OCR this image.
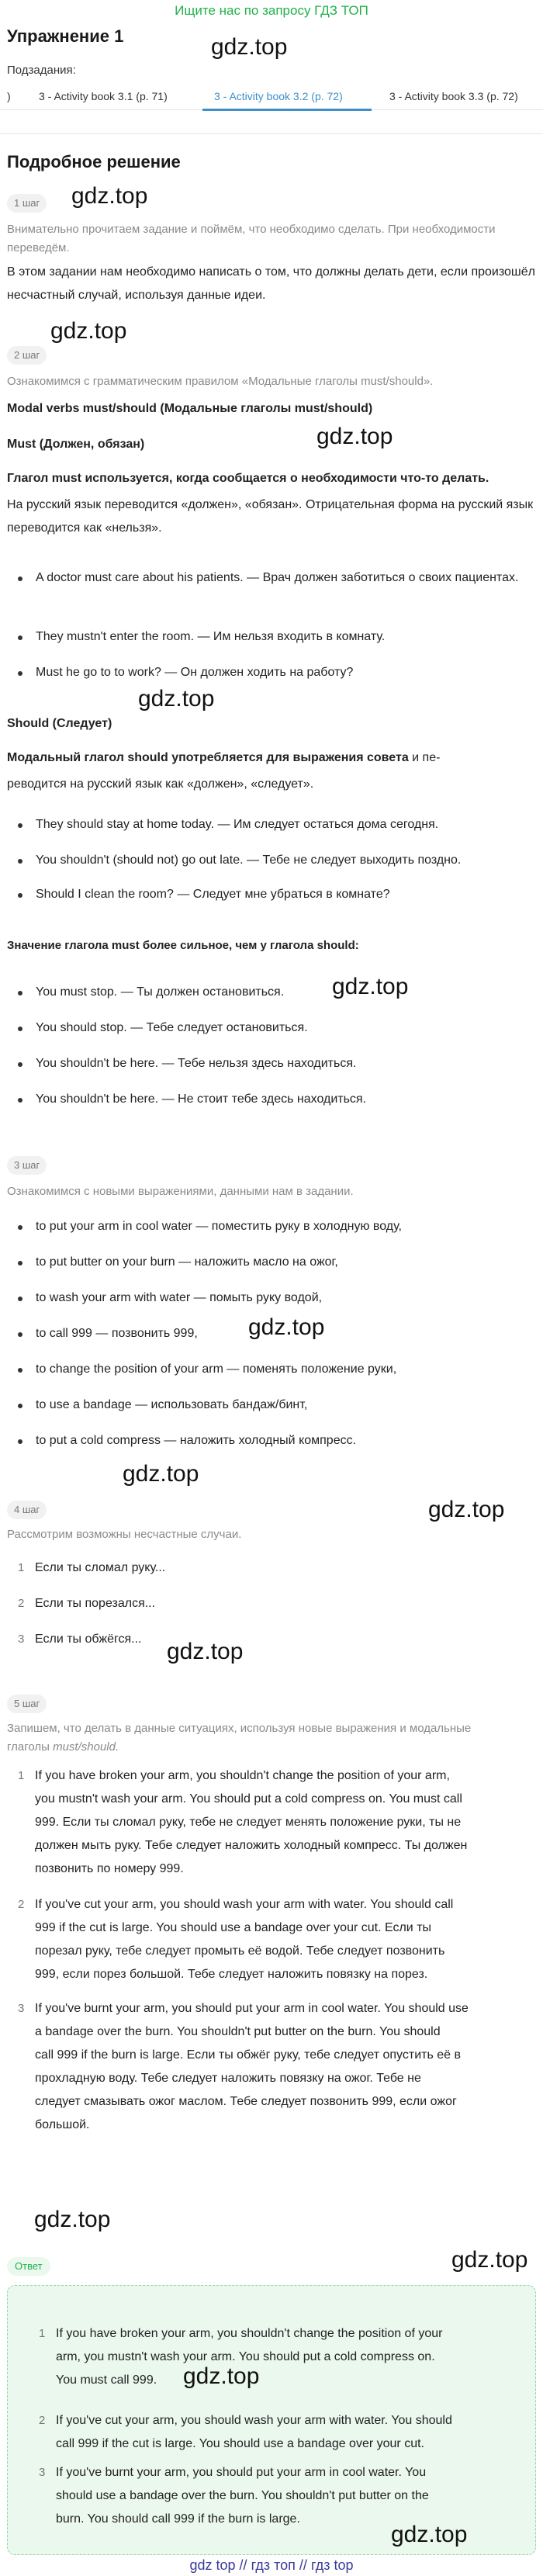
Ищите нас по запросу ГДЗ ТОП
Упражнение 1	gdz.top
Подзадания:
)	3 - Activity book 3.1 (p. 71)	3 - Activity book 3.2 (p. 72)	3 - Activity book 3.3 (p. 72)
Подробное решение
1 шаг	gdz.top
Внимательно прочитаем задание и поймём, что необходимо сделать. При необходимости переведём.
В этом задании нам необходимо написать о том, что должны делать дети, если произошёл несчастный случай, используя данные идеи.
gdz.top
2 шаг
Ознакомимся с грамматическим правилом «Модальные глаголы must/should».
Modal verbs must/should (Модальные глаголы must/should)
Must (Должен, обязан)	gdz.top
Глагол must используется, когда сообщается о необходимости что-то делать.
На русский язык переводится «должен», «обязан». Отрицательная форма на русский язык переводится как «нельзя».
A doctor must care about his patients. — Врач должен заботиться о своих пациентах.
They mustn't enter the room. — Им нельзя входить в комнату.
Must he go to to work? — Он должен ходить на работу?
gdz.top
Should (Следует)
Модальный глагол should употребляется для выражения совета и пе-
реводится на русский язык как «должен», «следует».
They should stay at home today. — Им следует остаться дома сегодня.
You shouldn't (should not) go out late. — Тебе не следует выходить поздно.
Should I clean the room? — Следует мне убраться в комнате?
Значение глагола must более сильное, чем у глагола should:
You must stop. — Ты должен остановиться.	gdz.top
You should stop. — Тебе следует остановиться.
You shouldn't be here. — Тебе нельзя здесь находиться.
You shouldn't be here. — Не стоит тебе здесь находиться.
3 шаг
Ознакомимся с новыми выражениями, данными нам в задании.
to put your arm in cool water — поместить руку в холодную воду,
to put butter on your burn — наложить масло на ожог,
to wash your arm with water — помыть руку водой,
to call 999 — позвонить 999,	gdz.top
to change the position of your arm — поменять положение руки,
to use a bandage — использовать бандаж/бинт,
to put a cold compress — наложить холодный компресс.
gdz.top
4 шаг	gdz.top
Рассмотрим возможны несчастные случаи.
1 Если ты сломал руку...
2 Если ты порезался...
3 Если ты обжёгся...	gdz.top
5 шаг
Запишем, что делать в данные ситуациях, используя новые выражения и модальные
глаголы must/should.
1 If you have broken your arm, you shouldn't change the position of your arm,
you mustn't wash your arm. You should put a cold compress on. You must call
999. Если ты сломал руку, тебе не следует менять положение руки, ты не
должен мыть руку. Тебе следует наложить холодный компресс. Ты должен
позвонить по номеру 999.
2 If you've cut your arm, you should wash your arm with water. You should call
999 if the cut is large. You should use a bandage over your cut. Если ты
порезал руку, тебе следует промыть её водой. Тебе следует позвонить
999, если порез большой. Тебе следует наложить повязку на порез.
3 If you've burnt your arm, you should put your arm in cool water. You should use
a bandage over the burn. You shouldn't put butter on the burn. You should
call 999 if the burn is large. Если ты обжёг руку, тебе следует опустить её в
прохладную воду. Тебе следует наложить повязку на ожог. Тебе не
следует смазывать ожог маслом. Тебе следует позвонить 999, если ожог
большой.
gdz.top
Ответ	gdz.top
1 If you have broken your arm, you shouldn't change the position of your
arm, you mustn't wash your arm. You should put a cold compress on.
You must call 999.	gdz.top
2 If you've cut your arm, you should wash your arm with water. You should
call 999 if the cut is large. You should use a bandage over your cut.
3 If you've burnt your arm, you should put your arm in cool water. You
should use a bandage over the burn. You shouldn't put butter on the
burn. You should call 999 if the burn is large.
gdz.top
gdz top // гдз топ // гдз top
